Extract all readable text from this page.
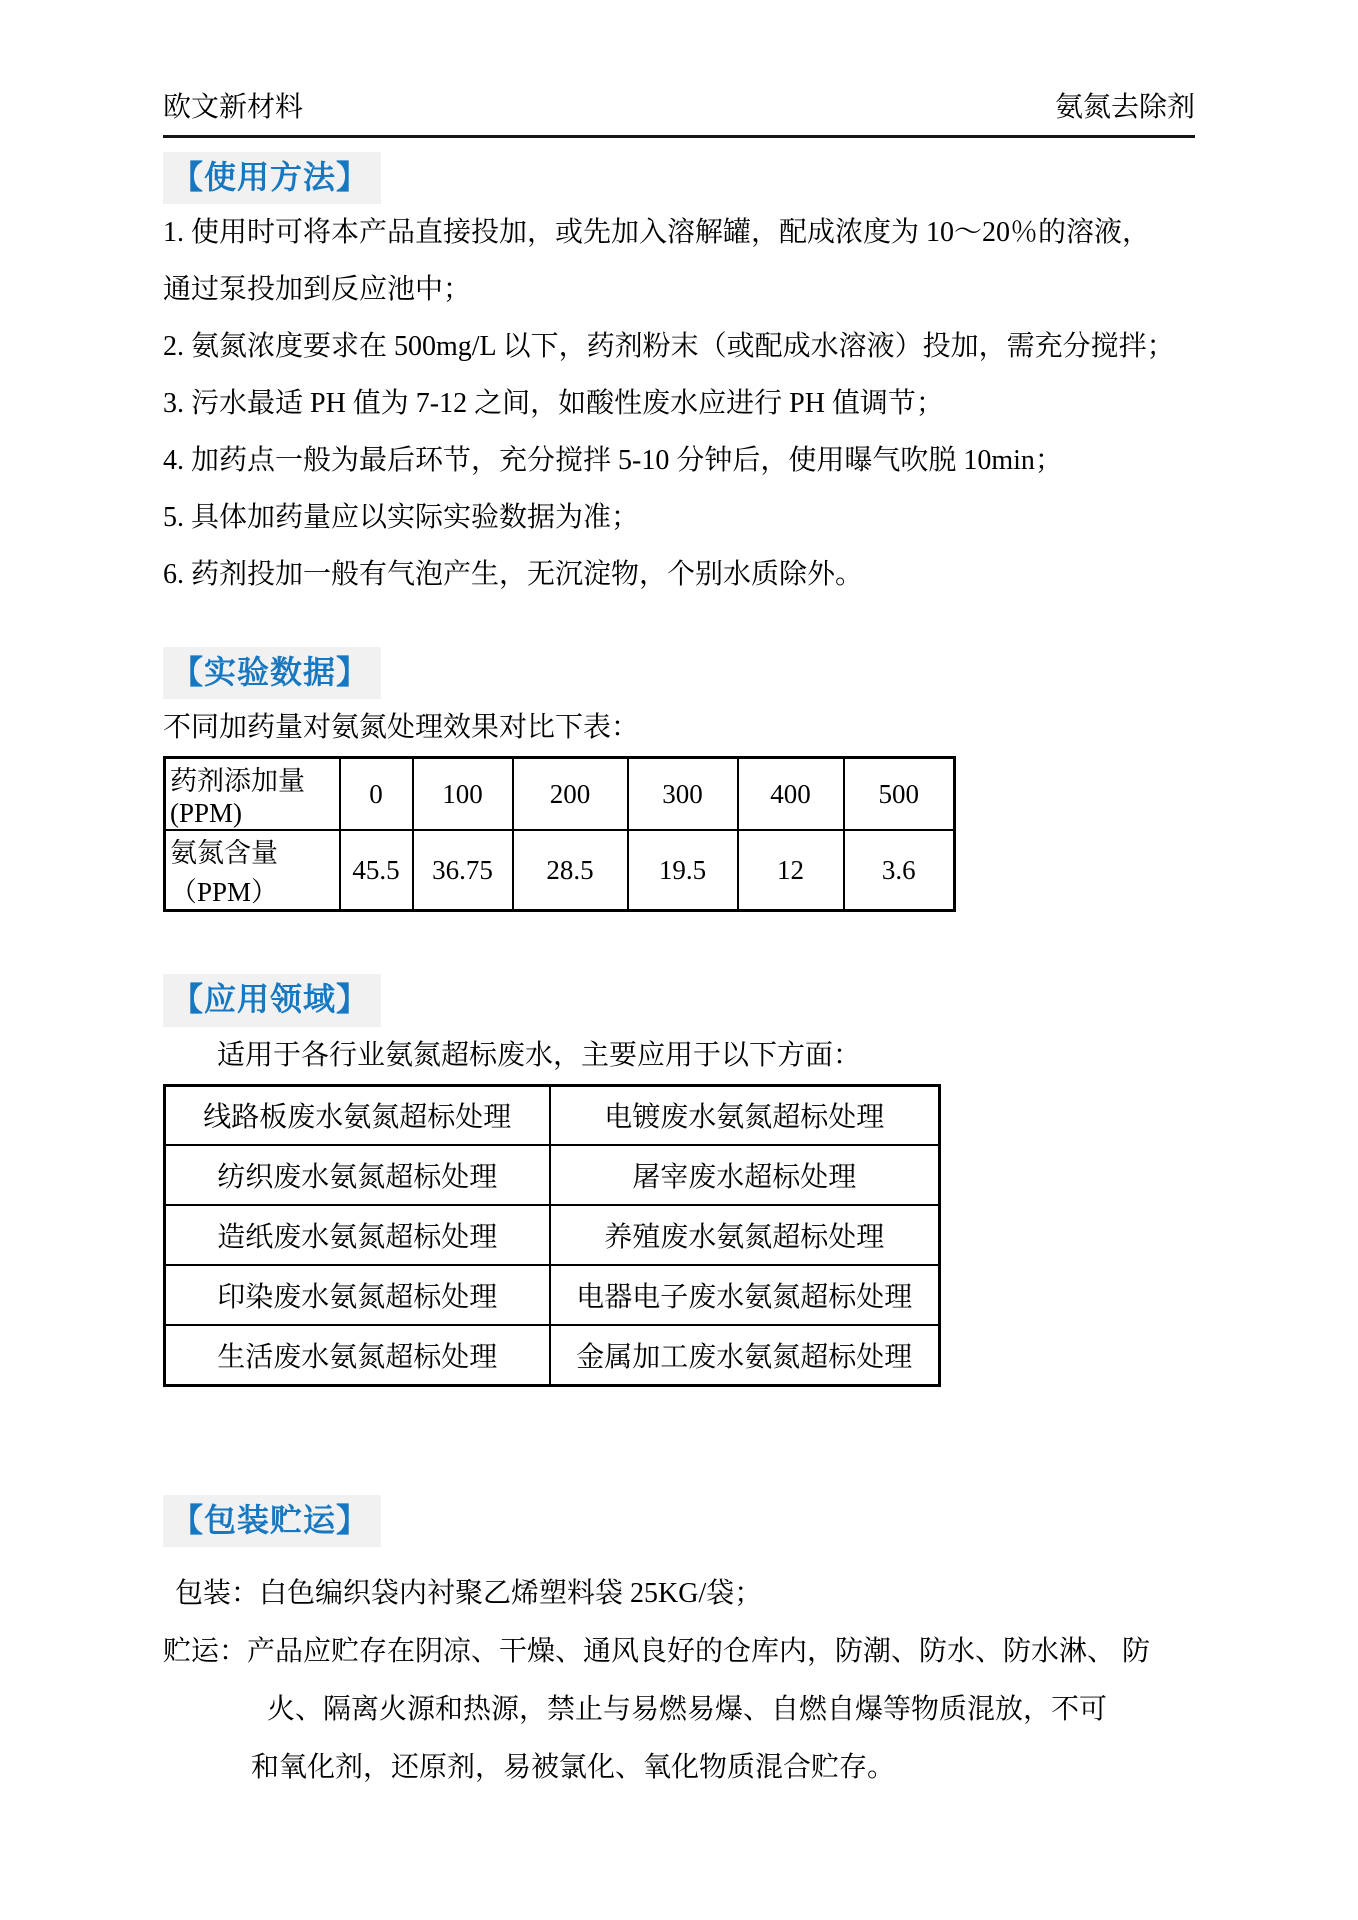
欧文新材料	氨氮去除剂
【使用方法】

1. 使用时可将本产品直接投加，或先加入溶解罐，配成浓度为 10～20％的溶液，

通过泵投加到反应池中；

2. 氨氮浓度要求在 500mg/L 以下，药剂粉末（或配成水溶液）投加，需充分搅拌；

3. 污水最适 PH 值为 7-12 之间，如酸性废水应进行 PH 值调节；

4. 加药点一般为最后环节，充分搅拌 5-10 分钟后，使用曝气吹脱 10min；

5. 具体加药量应以实际实验数据为准；

6. 药剂投加一般有气泡产生，无沉淀物，个别水质除外。

【实验数据】

不同加药量对氨氮处理效果对比下表：

药剂添加量(PPM)	0	100	200	300	400	500
氨氮含量（PPM）	45.5	36.75	28.5	19.5	12	3.6
【应用领域】

适用于各行业氨氮超标废水，主要应用于以下方面：

线路板废水氨氮超标处理	电镀废水氨氮超标处理
纺织废水氨氮超标处理	屠宰废水超标处理
造纸废水氨氮超标处理	养殖废水氨氮超标处理
印染废水氨氮超标处理	电器电子废水氨氮超标处理
生活废水氨氮超标处理	金属加工废水氨氮超标处理
【包装贮运】

包装：白色编织袋内衬聚乙烯塑料袋 25KG/袋；

贮运：产品应贮存在阴凉、干燥、通风良好的仓库内，防潮、防水、防水淋、 防

火、隔离火源和热源，禁止与易燃易爆、自燃自爆等物质混放，不可

和氧化剂，还原剂，易被氯化、氧化物质混合贮存。
